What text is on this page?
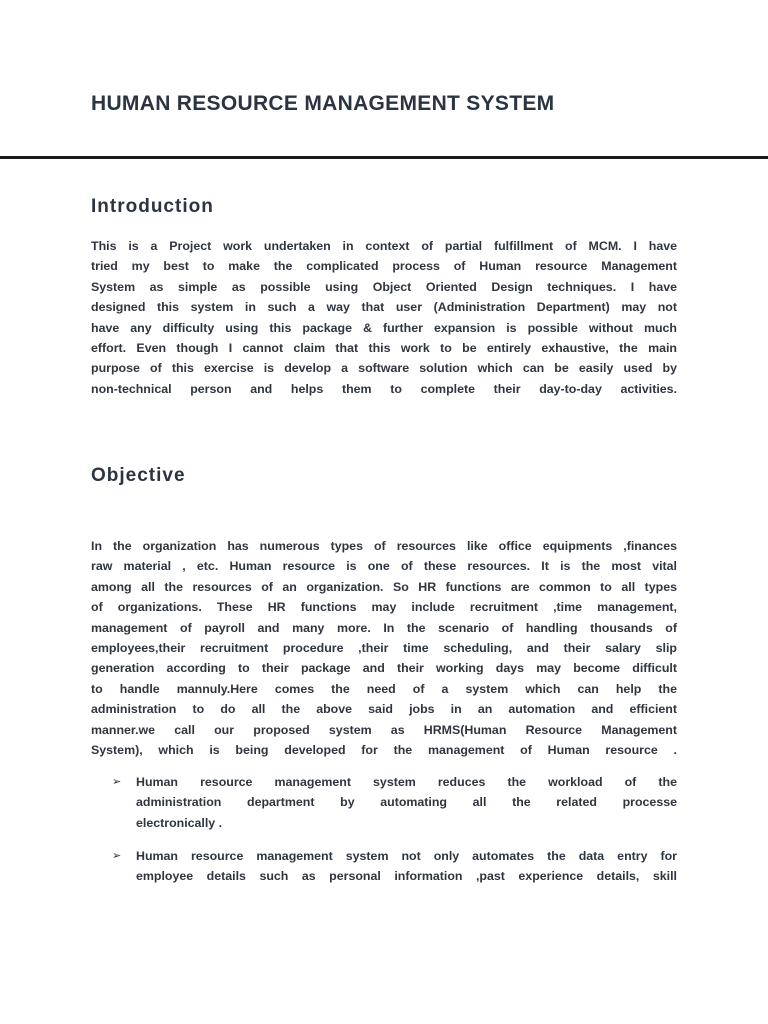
HUMAN RESOURCE MANAGEMENT SYSTEM
Introduction

This is a Project work undertaken in context of partial fulfillment of MCM. I have
tried my best to make the complicated process of Human resource Management
System as simple as possible using Object Oriented Design techniques. I have
designed this system in such a way that user (Administration Department) may not
have any difficulty using this package & further expansion is possible without much
effort. Even though I cannot claim that this work to be entirely exhaustive, the main
purpose of this exercise is develop a software solution which can be easily used by
non-technical person and helps them to complete their day-to-day activities.

Objective

In the organization has numerous types of resources like office equipments ,finances
raw material , etc. Human resource is one of these resources. It is the most vital
among all the resources of an organization. So HR functions are common to all types
of organizations. These HR functions may include recruitment ,time management,
management of payroll and many more. In the scenario of handling thousands of
employees,their recruitment procedure ,their time scheduling, and their salary slip
generation according to their package and their working days may become difficult
to handle mannuly.Here comes the need of a system which can help the
administration to do all the above said jobs in an automation and efficient
manner.we call our proposed system as HRMS(Human Resource Management
System), which is being developed for the management of Human resource .

➢ Human resource management system reduces the workload of the
administration department by automating all the related processe
electronically .
➢ Human resource management system not only automates the data entry for
employee details such as personal information ,past experience details, skill
